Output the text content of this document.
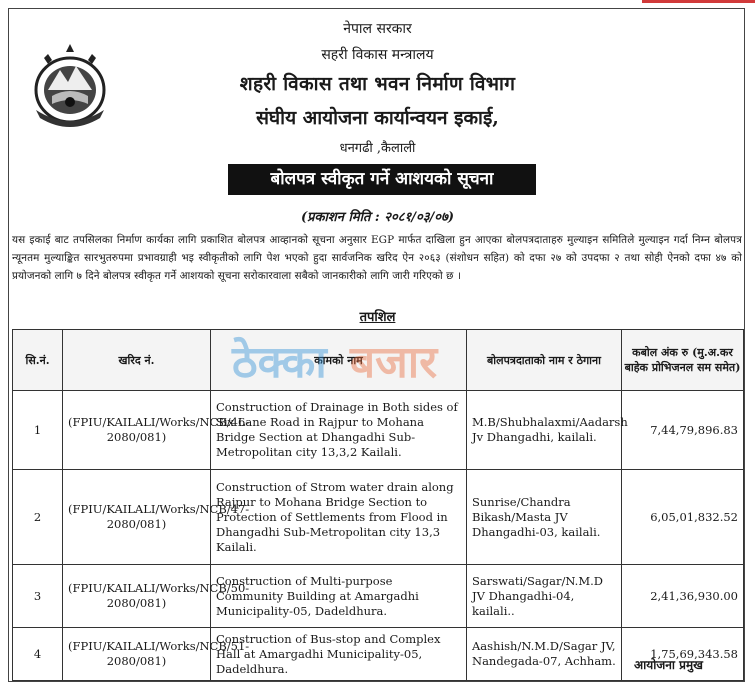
नेपाल सरकार
सहरी विकास मन्त्रालय
शहरी विकास तथा भवन निर्माण विभाग
संघीय आयोजना कार्यान्वयन इकाई,
धनगढी ,कैलाली
बोलपत्र स्वीकृत गर्ने आशयको सूचना
(प्रकाशन मिति : २०८१/०३/०७)
यस इकाई बाट तपसिलका निर्माण कार्यका लागि प्रकाशित बोलपत्र आव्हानको सूचना अनुसार EGP मार्फत दाखिला हुन आएका बोलपत्रदाताहरु मुल्याइन समितिले मुल्याइन गर्दा निम्न बोलपत्र न्यूनतम मुल्याङ्कित सारभुतरुपमा प्रभावग्राही भइ स्वीकृतीको लागि पेश भएको हुदा सार्वजनिक खरिद ऐन २०६३ (संशोधन सहित) को दफा २७ को उपदफा २ तथा सोही ऐनको दफा ४७ को प्रयोजनको लागि ७ दिने बोलपत्र स्वीकृत गर्ने आशयको सूचना सरोकारवाला सबैको जानकारीको लागि जारी गरिएको छ ।
तपशिल
सि.नं.	खरिद नं.	कामको नाम	बोलपत्रदाताको नाम र ठेगाना	कबोल अंक रु (मु.अ.कर बाहेक प्रोभिजनल सम समेत)
1	(FPIU/KAILALI/Works/NCB/46-2080/081)	Construction of Drainage in Both sides of Six Lane Road in Rajpur to Mohana Bridge Section at Dhangadhi Sub-Metropolitan city 13,3,2 Kailali.	M.B/Shubhalaxmi/Aadarsh Jv Dhangadhi, kailali.	7,44,79,896.83
2	(FPIU/KAILALI/Works/NCB/47-2080/081)	Construction of Strom water drain along Rajpur to Mohana Bridge Section to Protection of Settlements from Flood in Dhangadhi Sub-Metropolitan city 13,3 Kailali.	Sunrise/Chandra Bikash/Masta JV Dhangadhi-03, kailali.	6,05,01,832.52
3	(FPIU/KAILALI/Works/NCB/50-2080/081)	Construction of Multi-purpose Community Building at Amargadhi Municipality-05, Dadeldhura.	Sarswati/Sagar/N.M.D JV Dhangadhi-04, kailali..	2,41,36,930.00
4	(FPIU/KAILALI/Works/NCB/51-2080/081)	Construction of Bus-stop and Complex Hall at Amargadhi Municipality-05, Dadeldhura.	Aashish/N.M.D/Sagar JV, Nandegada-07, Achham.	1,75,69,343.58
ठेक्का बजार
आयोजना प्रमुख
